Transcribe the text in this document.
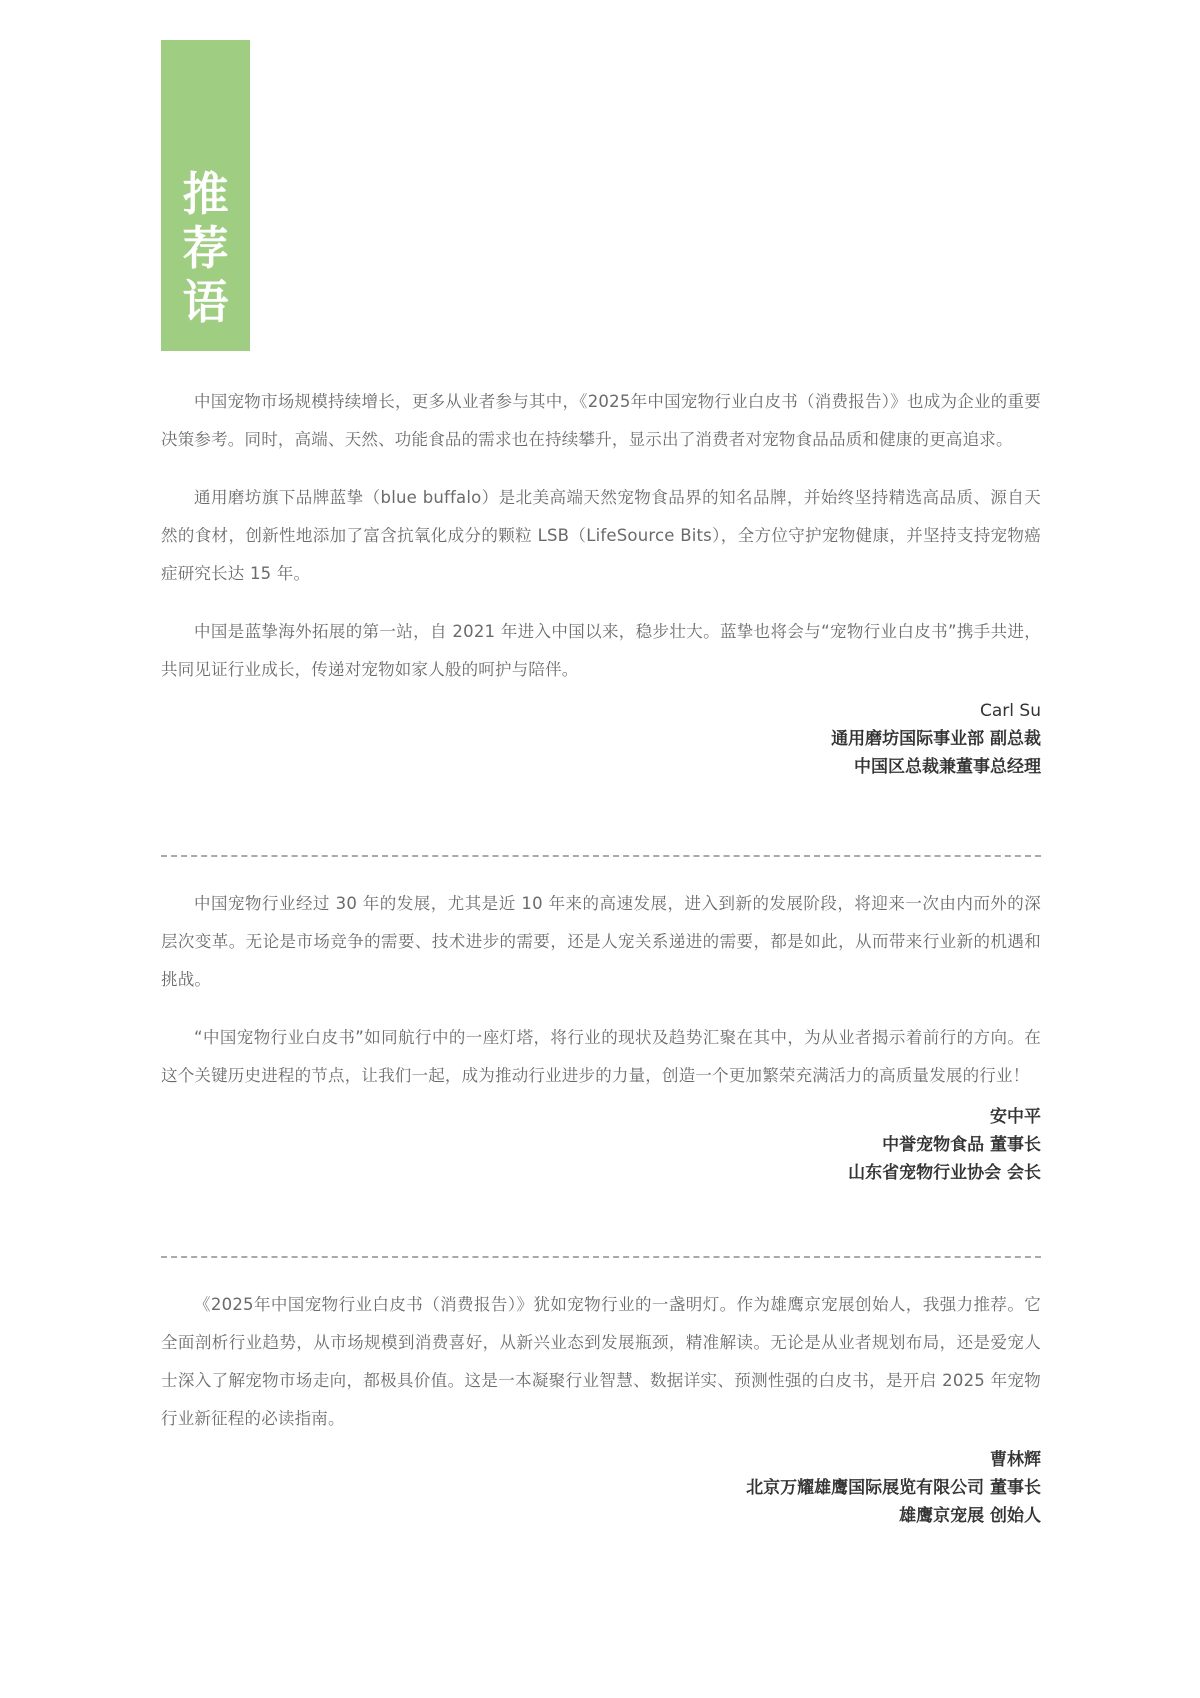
推
荐
语

中国宠物市场规模持续增长，更多从业者参与其中，《2025年中国宠物行业白皮书（消费报告）》也成为企业的重要决策参考。同时，高端、天然、功能食品的需求也在持续攀升，显示出了消费者对宠物食品品质和健康的更高追求。

通用磨坊旗下品牌蓝挚（blue buffalo）是北美高端天然宠物食品界的知名品牌，并始终坚持精选高品质、源自天然的食材，创新性地添加了富含抗氧化成分的颗粒 LSB（LifeSource Bits），全方位守护宠物健康，并坚持支持宠物癌症研究长达 15 年。

中国是蓝挚海外拓展的第一站，自 2021 年进入中国以来，稳步壮大。蓝挚也将会与“宠物行业白皮书”携手共进，共同见证行业成长，传递对宠物如家人般的呵护与陪伴。

Carl Su
通用磨坊国际事业部 副总裁
中国区总裁兼董事总经理

中国宠物行业经过 30 年的发展，尤其是近 10 年来的高速发展，进入到新的发展阶段，将迎来一次由内而外的深层次变革。无论是市场竞争的需要、技术进步的需要，还是人宠关系递进的需要，都是如此，从而带来行业新的机遇和挑战。

“中国宠物行业白皮书”如同航行中的一座灯塔，将行业的现状及趋势汇聚在其中，为从业者揭示着前行的方向。在这个关键历史进程的节点，让我们一起，成为推动行业进步的力量，创造一个更加繁荣充满活力的高质量发展的行业！

安中平
中誉宠物食品 董事长
山东省宠物行业协会 会长

《2025年中国宠物行业白皮书（消费报告）》犹如宠物行业的一盏明灯。作为雄鹰京宠展创始人，我强力推荐。它全面剖析行业趋势，从市场规模到消费喜好，从新兴业态到发展瓶颈，精准解读。无论是从业者规划布局，还是爱宠人士深入了解宠物市场走向，都极具价值。这是一本凝聚行业智慧、数据详实、预测性强的白皮书，是开启 2025 年宠物行业新征程的必读指南。

曹林辉
北京万耀雄鹰国际展览有限公司 董事长
雄鹰京宠展 创始人
